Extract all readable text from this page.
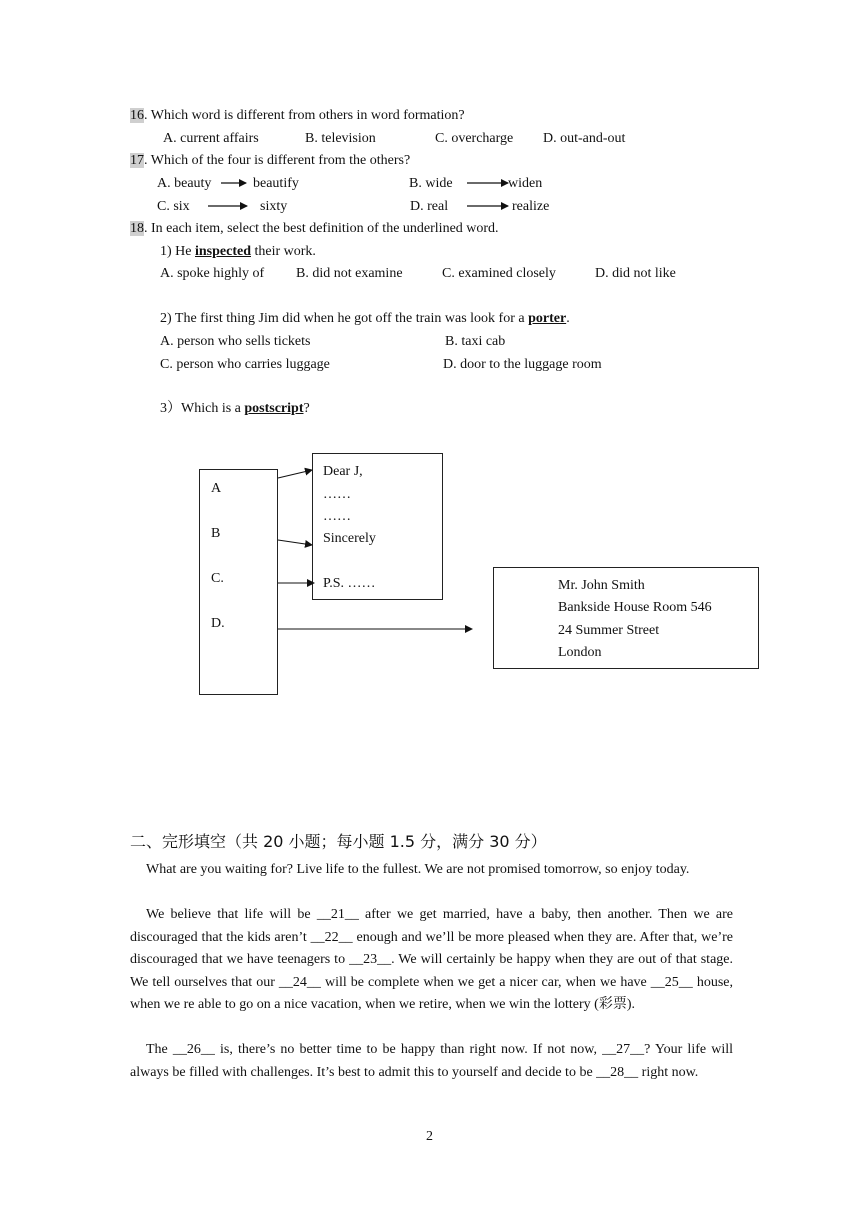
16. Which word is different from others in word formation?
A. current affairs	B. television	C. overcharge D. out-and-out
17. Which of the four is different from the others?
A. beauty	beautify	B. wide	widen
C. six	sixty	D. real	realize
18. In each item, select the best definition of the underlined word.
1) He inspected their work.
A. spoke highly of B. did not examine	C. examined closely	D. did not like
2) The first thing Jim did when he got off the train was look for a porter.
A. person who sells tickets	B. taxi cab
C. person who carries luggage	D. door to the luggage room
3）Which is a postscript?
A
B
C.
D.
Dear J,
……
……
Sincerely
P.S. ……	Mr. John Smith
Bankside House Room 546
24 Summer Street
London
二、完形填空（共 20 小题；每小题 1.5 分，满分 30 分）
What are you waiting for? Live life to the fullest. We are not promised tomorrow, so enjoy today.
We believe that life will be __21__ after we get married, have a baby, then another. Then we are discouraged that the kids aren’t __22__ enough and we’ll be more pleased when they are. After that, we’re discouraged that we have teenagers to __23__. We will certainly be happy when they are out of that stage. We tell ourselves that our __24__ will be complete when we get a nicer car, when we have __25__ house, when we re able to go on a nice vacation, when we retire, when we win the lottery (彩票).
The __26__ is, there’s no better time to be happy than right now. If not now, __27__? Your life will always be filled with challenges. It’s best to admit this to yourself and decide to be __28__ right now.
2
